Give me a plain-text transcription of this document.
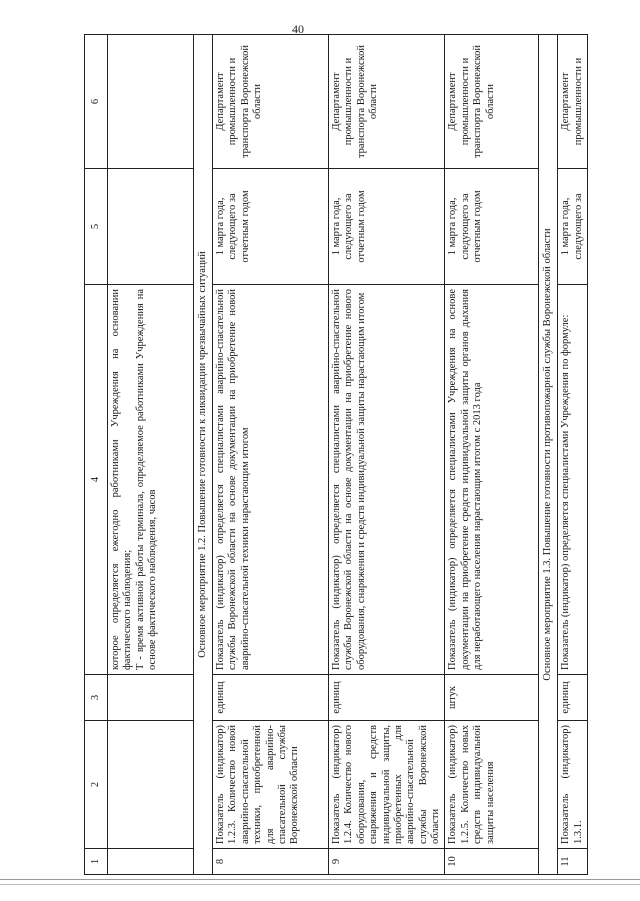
40
1	2	3	4	5	6
			которое определяется ежегодно работниками Учреждения на основании фактического наблюдения;
Т - время активной работы терминала, определяемое работниками Учреждения на основе фактического наблюдения, часов		
Основное мероприятие 1.2. Повышение готовности к ликвидации чрезвычайных ситуаций					
8	Показатель (индикатор) 1.2.3. Количество новой аварийно-спасательной техники, приобретенной для аварийно-спасательной службы Воронежской области	единиц	Показатель (индикатор) определяется специалистами аварийно-спасательной службы Воронежской области на основе документации на приобретение новой аварийно-спасательной техники нарастающим итогом	1 марта года, следующего за отчетным годом	Департамент промышленности и транспорта Воронежской области
9	Показатель (индикатор) 1.2.4. Количество нового оборудования, снаряжения и средств индивидуальной защиты, приобретенных для аварийно-спасательной службы Воронежской области	единиц	Показатель (индикатор) определяется специалистами аварийно-спасательной службы Воронежской области на основе документации на приобретение нового оборудования, снаряжения и средств индивидуальной защиты нарастающим итогом	1 марта года, следующего за отчетным годом	Департамент промышленности и транспорта Воронежской области
10	Показатель (индикатор) 1.2.5. Количество новых средств индивидуальной защиты населения	штук	Показатель (индикатор) определяется специалистами Учреждения на основе документации на приобретение средств индивидуальной защиты органов дыхания для неработающего населения нарастающим итогом с 2013 года	1 марта года, следующего за отчетным годом	Департамент промышленности и транспорта Воронежской области
Основное мероприятие 1.3. Повышение готовности противопожарной службы Воронежской области					
11	Показатель (индикатор) 1.3.1.	единиц	Показатель (индикатор) определяется специалистами Учреждения по формуле:	1 марта года, следующего за	Департамент промышленности и
